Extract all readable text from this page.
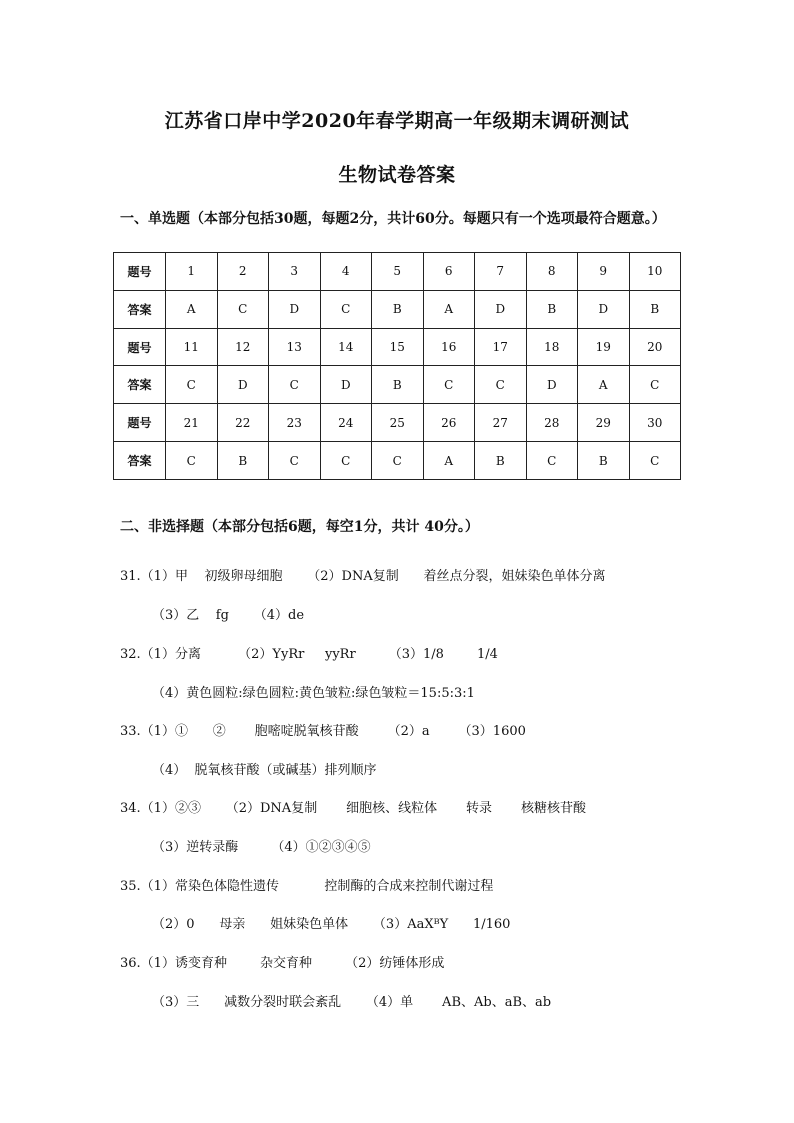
江苏省口岸中学2020年春学期高一年级期末调研测试
生物试卷答案
一、单选题（本部分包括30题，每题2分，共计60分。每题只有一个选项最符合题意。）
题号	1	2	3	4	5	6	7	8	9	10
答案	A	C	D	C	B	A	D	B	D	B
题号	11	12	13	14	15	16	17	18	19	20
答案	C	D	C	D	B	C	C	D	A	C
题号	21	22	23	24	25	26	27	28	29	30
答案	C	B	C	C	C	A	B	C	B	C
二、非选择题（本部分包括6题，每空1分，共计 40分。）
31.（1）甲    初级卵母细胞      （2）DNA复制      着丝点分裂，姐妹染色单体分离
（3）乙    fg      （4）de
32.（1）分离         （2）YyRr     yyRr        （3）1/8        1/4
（4）黄色圆粒:绿色圆粒:黄色皱粒:绿色皱粒＝15:5:3:1
33.（1）①      ②       胞嘧啶脱氧核苷酸       （2）a       （3）1600
（4）  脱氧核苷酸（或碱基）排列顺序
34.（1）②③      （2）DNA复制       细胞核、线粒体       转录       核糖核苷酸
（3）逆转录酶        （4）①②③④⑤
35.（1）常染色体隐性遗传           控制酶的合成来控制代谢过程
（2）0      母亲      姐妹染色单体      （3）AaXᴮY      1/160
36.（1）诱变育种        杂交育种        （2）纺锤体形成
（3）三      减数分裂时联会紊乱      （4）单       AB、Ab、aB、ab
